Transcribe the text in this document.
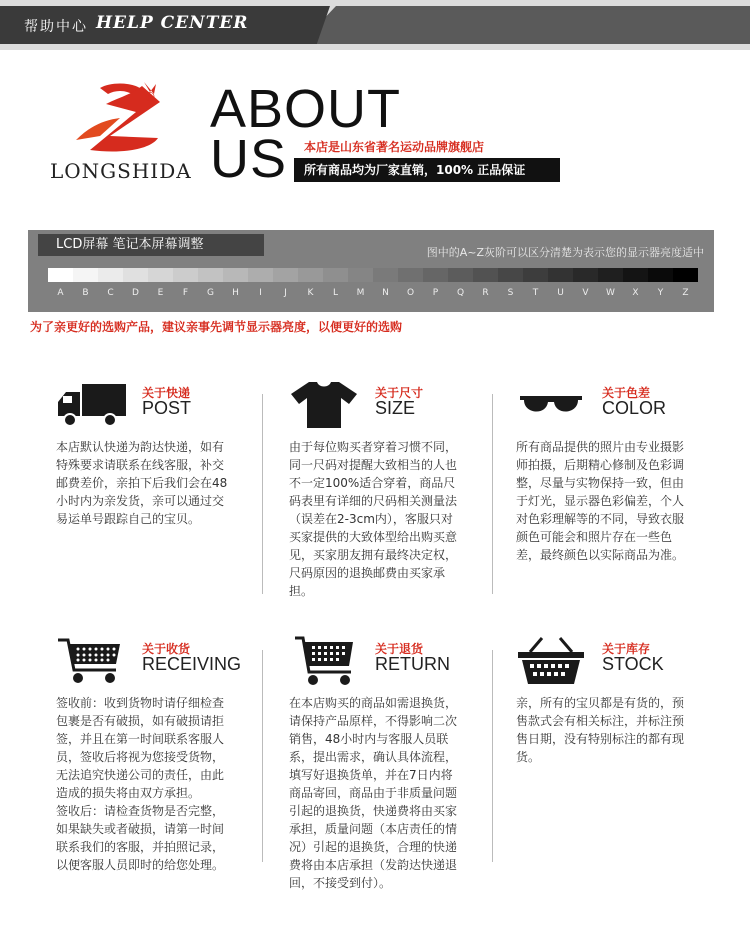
帮助中心 HELP CENTER
®
LONGSHIDA
ABOUT
US	本店是山东省著名运动品牌旗舰店
所有商品均为厂家直销，100% 正品保证
LCD屏幕 笔记本屏幕调整
图中的A~Z灰阶可以区分清楚为表示您的显示器亮度适中
A	B	C	D	E	F	G	H	I	J	K	L	M	N	O	P	Q	R	S	T	U	V	W	X	Y	Z
为了亲更好的选购产品，建议亲事先调节显示器亮度，以便更好的选购
关于快递
POST
本店默认快递为韵达快递，如有
特殊要求请联系在线客服，补交
邮费差价，亲拍下后我们会在48
小时内为亲发货，亲可以通过交
易运单号跟踪自己的宝贝。
关于尺寸
SIZE
由于每位购买者穿着习惯不同，
同一尺码对提醒大致相当的人也
不一定100%适合穿着，商品尺
码表里有详细的尺码相关测量法
（误差在2-3cm内），客服只对
买家提供的大致体型给出购买意
见，买家朋友拥有最终决定权，
尺码原因的退换邮费由买家承
担。
关于色差
COLOR
所有商品提供的照片由专业摄影
师拍摄，后期精心修制及色彩调
整，尽量与实物保持一致，但由
于灯光，显示器色彩偏差，个人
对色彩理解等的不同，导致衣服
颜色可能会和照片存在一些色
差，最终颜色以实际商品为准。
关于收货
RECEIVING
签收前：收到货物时请仔细检查
包裹是否有破损，如有破损请拒
签，并且在第一时间联系客服人
员，签收后将视为您接受货物，
无法追究快递公司的责任，由此
造成的损失将由双方承担。
签收后：请检查货物是否完整，
如果缺失或者破损，请第一时间
联系我们的客服，并拍照记录，
以便客服人员即时的给您处理。
关于退货
RETURN
在本店购买的商品如需退换货，
请保持产品原样，不得影响二次
销售，48小时内与客服人员联
系，提出需求，确认具体流程，
填写好退换货单，并在7日内将
商品寄回，商品由于非质量问题
引起的退换货，快递费将由买家
承担，质量问题（本店责任的情
况）引起的退换货，合理的快递
费将由本店承担（发韵达快递退
回，不接受到付）。
关于库存
STOCK
亲，所有的宝贝都是有货的，预
售款式会有相关标注，并标注预
售日期，没有特别标注的都有现
货。
